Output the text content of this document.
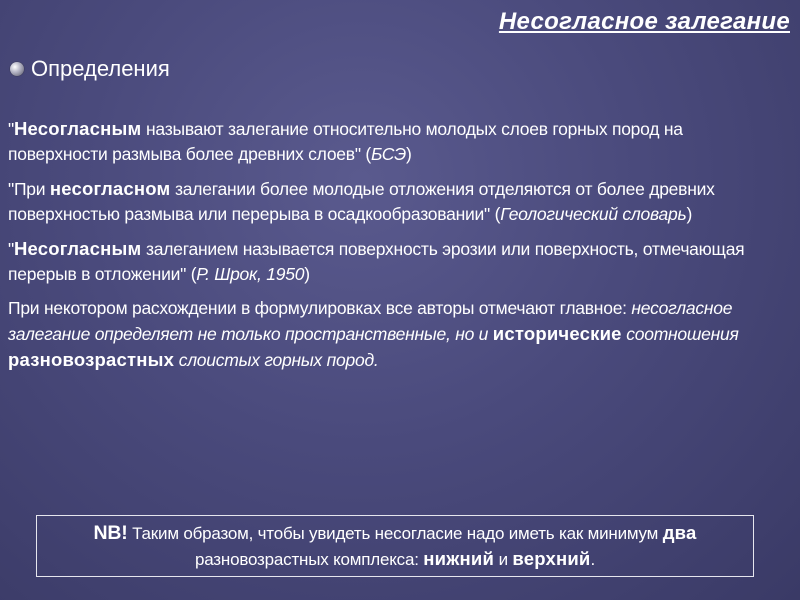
Несогласное залегание
Определения

"Несогласным называют залегание относительно молодых слоев горных пород на поверхности размыва более древних слоев" (БСЭ)

"При несогласном залегании более молодые отложения отделяются от более древних поверхностью размыва или перерыва в осадкообразовании" (Геологический словарь)

"Несогласным залеганием называется поверхность эрозии или поверхность, отмечающая перерыв в отложении" (Р. Шрок, 1950)

При некотором расхождении в формулировках все авторы отмечают главное: несогласное залегание определяет не только пространственные, но и исторические соотношения разновозрастных слоистых горных пород.

NB! Таким образом, чтобы увидеть несогласие надо иметь как минимум два разновозрастных комплекса: нижний и верхний.
